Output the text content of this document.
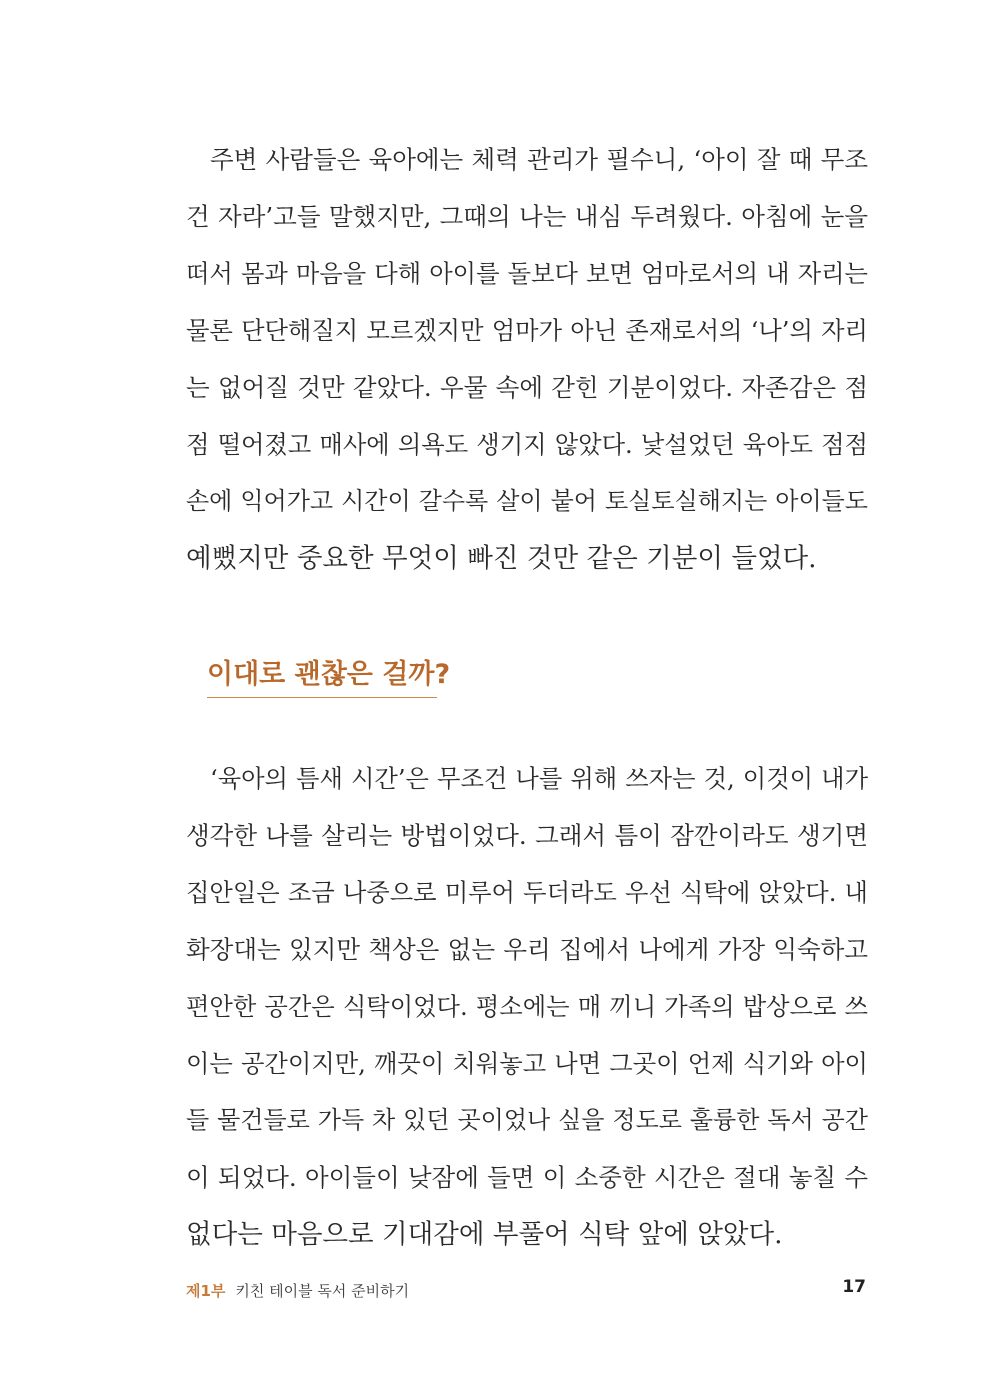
주변 사람들은 육아에는 체력 관리가 필수니, ‘아이 잘 때 무조
건 자라’고들 말했지만, 그때의 나는 내심 두려웠다. 아침에 눈을
떠서 몸과 마음을 다해 아이를 돌보다 보면 엄마로서의 내 자리는
물론 단단해질지 모르겠지만 엄마가 아닌 존재로서의 ‘나’의 자리
는 없어질 것만 같았다. 우물 속에 갇힌 기분이었다. 자존감은 점
점 떨어졌고 매사에 의욕도 생기지 않았다. 낯설었던 육아도 점점
손에 익어가고 시간이 갈수록 살이 붙어 토실토실해지는 아이들도
예뻤지만 중요한 무엇이 빠진 것만 같은 기분이 들었다.
이대로 괜찮은 걸까?
‘육아의 틈새 시간’은 무조건 나를 위해 쓰자는 것, 이것이 내가
생각한 나를 살리는 방법이었다. 그래서 틈이 잠깐이라도 생기면
집안일은 조금 나중으로 미루어 두더라도 우선 식탁에 앉았다. 내
화장대는 있지만 책상은 없는 우리 집에서 나에게 가장 익숙하고
편안한 공간은 식탁이었다. 평소에는 매 끼니 가족의 밥상으로 쓰
이는 공간이지만, 깨끗이 치워놓고 나면 그곳이 언제 식기와 아이
들 물건들로 가득 차 있던 곳이었나 싶을 정도로 훌륭한 독서 공간
이 되었다. 아이들이 낮잠에 들면 이 소중한 시간은 절대 놓칠 수
없다는 마음으로 기대감에 부풀어 식탁 앞에 앉았다.
제1부 키친 테이블 독서 준비하기	17
